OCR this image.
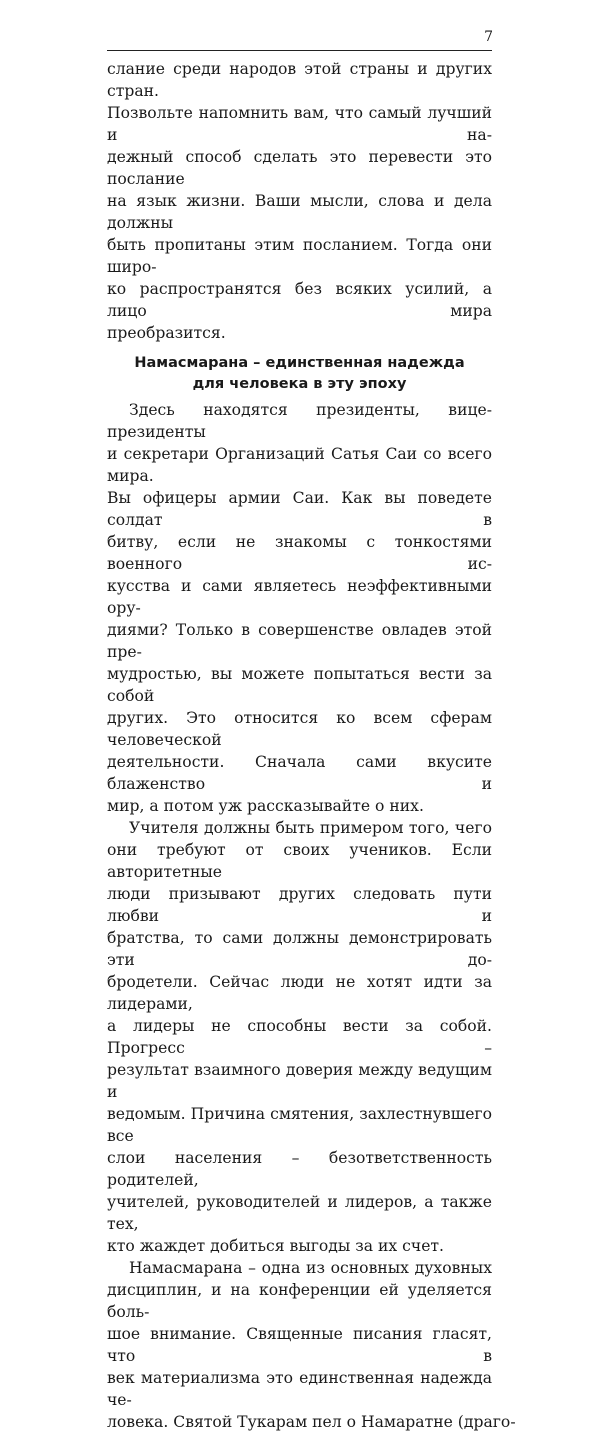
7

слание среди народов этой страны и других стран.
Позвольте напомнить вам, что самый лучший и на-
дежный способ сделать это перевести это послание
на язык жизни. Ваши мысли, слова и дела должны
быть пропитаны этим посланием. Тогда они широ-
ко распространятся без всяких усилий, а лицо мира
преобразится.

Намасмарана – единственная надежда
для человека в эту эпоху

Здесь находятся президенты, вице-президенты
и секретари Организаций Сатья Саи со всего мира.
Вы офицеры армии Саи. Как вы поведете солдат в
битву, если не знакомы с тонкостями военного ис-
кусства и сами являетесь неэффективными ору-
диями? Только в совершенстве овладев этой пре-
мудростью, вы можете попытаться вести за собой
других. Это относится ко всем сферам человеческой
деятельности. Сначала сами вкусите блаженство и
мир, а потом уж рассказывайте о них.

Учителя должны быть примером того, чего
они требуют от своих учеников. Если авторитетные
люди призывают других следовать пути любви и
братства, то сами должны демонстрировать эти до-
бродетели. Сейчас люди не хотят идти за лидерами,
а лидеры не способны вести за собой. Прогресс –
результат взаимного доверия между ведущим и
ведомым. Причина смятения, захлестнувшего все
слои населения – безответственность родителей,
учителей, руководителей и лидеров, а также тех,
кто жаждет добиться выгоды за их счет.

Намасмарана – одна из основных духовных
дисциплин, и на конференции ей уделяется боль-
шое внимание. Священные писания гласят, что в
век материализма это единственная надежда че-
ловека. Святой Тукарам пел о Намаратне (драго-
